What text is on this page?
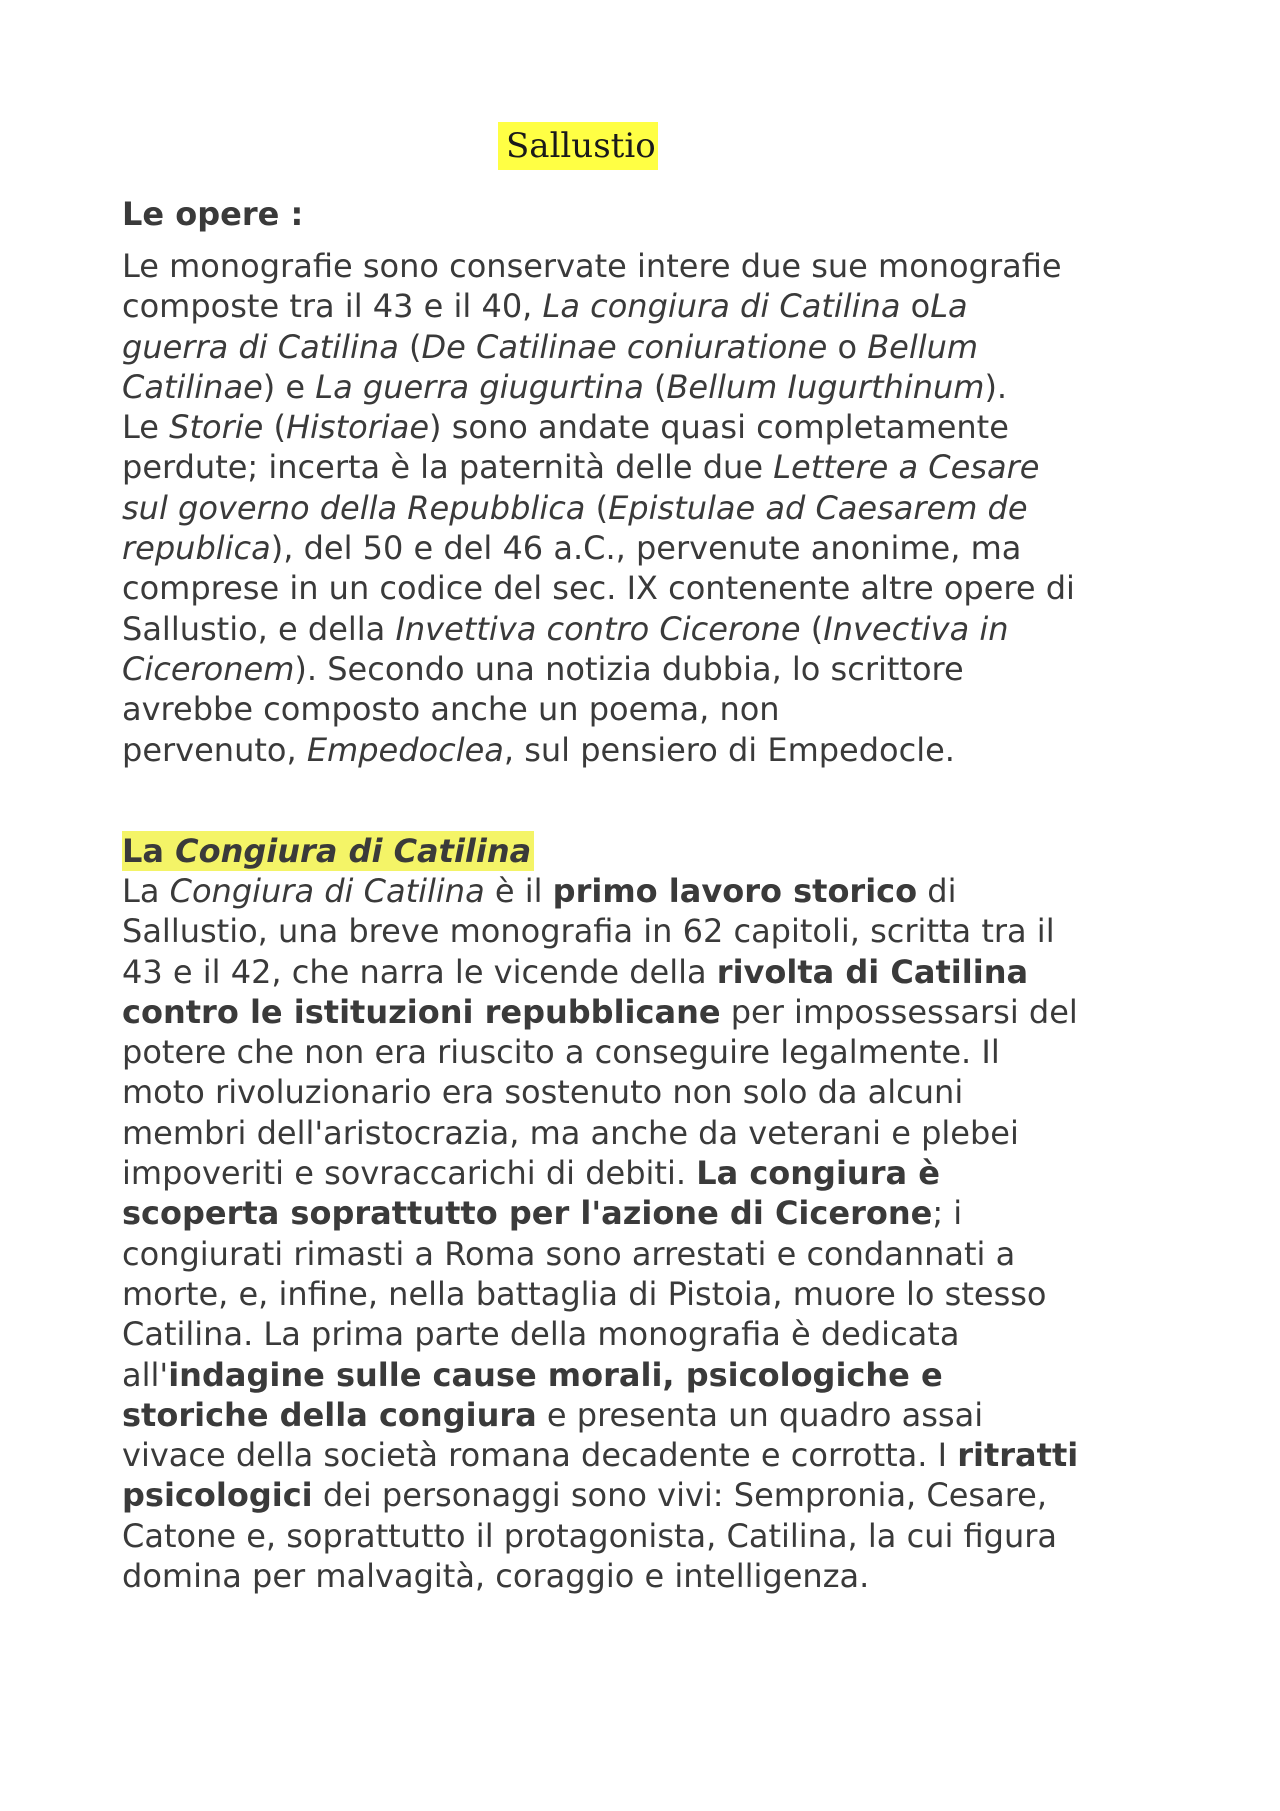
Sallustio
Le opere :
Le monografie sono conservate intere due sue monografie
composte tra il 43 e il 40, La congiura di Catilina oLa
guerra di Catilina (De Catilinae coniuratione o Bellum
Catilinae) e La guerra giugurtina (Bellum Iugurthinum).
Le Storie (Historiae) sono andate quasi completamente
perdute; incerta è la paternità delle due Lettere a Cesare
sul governo della Repubblica (Epistulae ad Caesarem de
republica), del 50 e del 46 a.C., pervenute anonime, ma
comprese in un codice del sec. IX contenente altre opere di
Sallustio, e della Invettiva contro Cicerone (Invectiva in
Ciceronem). Secondo una notizia dubbia, lo scrittore
avrebbe composto anche un poema, non
pervenuto, Empedoclea, sul pensiero di Empedocle.
La Congiura di Catilina
La Congiura di Catilina è il primo lavoro storico di
Sallustio, una breve monografia in 62 capitoli, scritta tra il
43 e il 42, che narra le vicende della rivolta di Catilina
contro le istituzioni repubblicane per impossessarsi del
potere che non era riuscito a conseguire legalmente. Il
moto rivoluzionario era sostenuto non solo da alcuni
membri dell'aristocrazia, ma anche da veterani e plebei
impoveriti e sovraccarichi di debiti. La congiura è
scoperta soprattutto per l'azione di Cicerone; i
congiurati rimasti a Roma sono arrestati e condannati a
morte, e, infine, nella battaglia di Pistoia, muore lo stesso
Catilina. La prima parte della monografia è dedicata
all'indagine sulle cause morali, psicologiche e
storiche della congiura e presenta un quadro assai
vivace della società romana decadente e corrotta. I ritratti
psicologici dei personaggi sono vivi: Sempronia, Cesare,
Catone e, soprattutto il protagonista, Catilina, la cui figura
domina per malvagità, coraggio e intelligenza.
